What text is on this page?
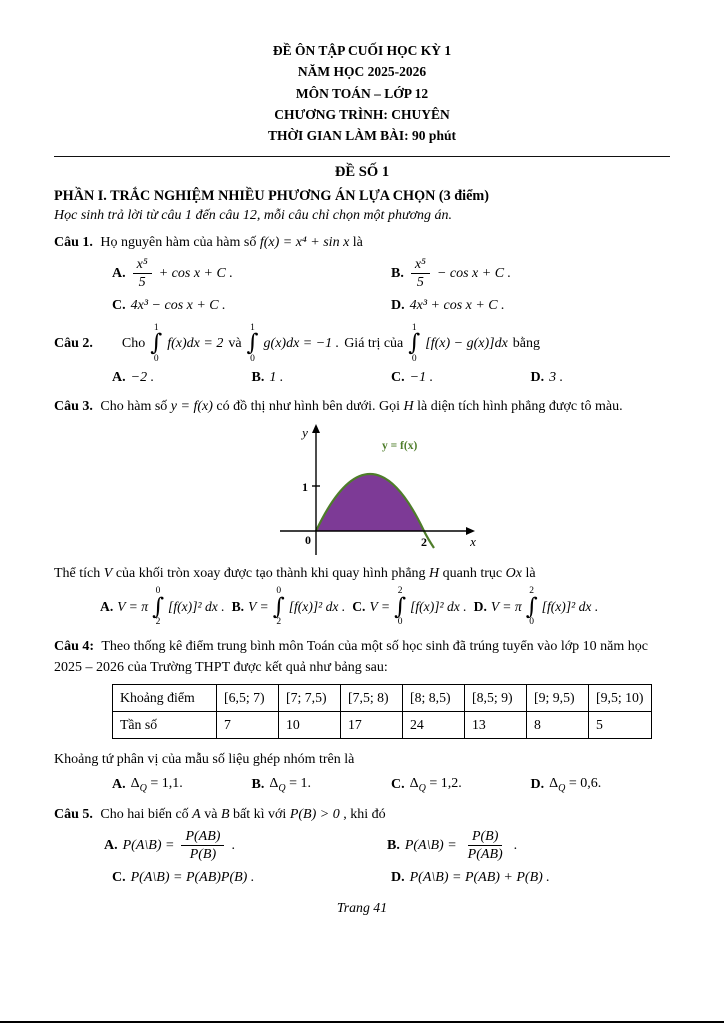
ĐỀ ÔN TẬP CUỐI HỌC KỲ 1
NĂM HỌC 2025-2026
MÔN TOÁN – LỚP 12
CHƯƠNG TRÌNH: CHUYÊN
THỜI GIAN LÀM BÀI: 90 phút
ĐỀ SỐ 1
PHẦN I. TRẮC NGHIỆM NHIỀU PHƯƠNG ÁN LỰA CHỌN (3 điểm)
Học sinh trả lời từ câu 1 đến câu 12, mỗi câu chỉ chọn một phương án.
Câu 1. Họ nguyên hàm của hàm số f(x) = x⁴ + sin x là
A. $\frac{\text{x⁵}}{5} + \cos x + C$ .	B. $\frac{\text{x⁵}}{5} - \cos x + C$ .
C. 4x³ − cos x + C .	D. 4x³ + cos x + C .
Câu 2. Cho
1
∫
0
f(x)dx = 2 và
1
∫
0
g(x)dx = −1 . Giá trị của
1
∫
0
[f(x) − g(x)]dx bằng
A. −2 .	B. 1 .	C. −1 .	D. 3 .
Câu 3. Cho hàm số y = f(x) có đồ thị như hình bên dưới. Gọi H là diện tích hình phẳng được tô màu.
1
0	2	x
y
y = f(x)
Thể tích V của khối tròn xoay được tạo thành khi quay hình phẳng H quanh trục Ox là
A. V = π
0
∫
2
[f(x)]² dx . B. V =
0
∫
2
[f(x)]² dx . C. V =
2
∫
0
[f(x)]² dx . D. V = π
2
∫
0
[f(x)]² dx .
Câu 4: Theo thống kê điểm trung bình môn Toán của một số học sinh đã trúng tuyển vào lớp 10 năm học 2025 – 2026 của Trường THPT được kết quả như bảng sau:
Khoảng điểm	[6,5; 7)	[7; 7,5)	[7,5; 8)	[8; 8,5)	[8,5; 9)	[9; 9,5)	[9,5; 10)
Tần số	7	10	17	24	13	8	5
Khoảng tứ phân vị của mẫu số liệu ghép nhóm trên là
A. $\Delta_Q = 1,1$.	B. $\Delta_Q = 1$.	C. $\Delta_Q = 1,2$.	D. $\Delta_Q = 0,6$.
Câu 5. Cho hai biến cố A và B bất kì với P(B) > 0 , khi đó
A. P(A\B) = $\frac{P(AB)}{P(B)}$ .	B. P(A\B) = $\frac{P(B)}{P(AB)}$ .
C. P(A\B) = P(AB)P(B) .	D. P(A\B) = P(AB) + P(B) .
Trang 41
